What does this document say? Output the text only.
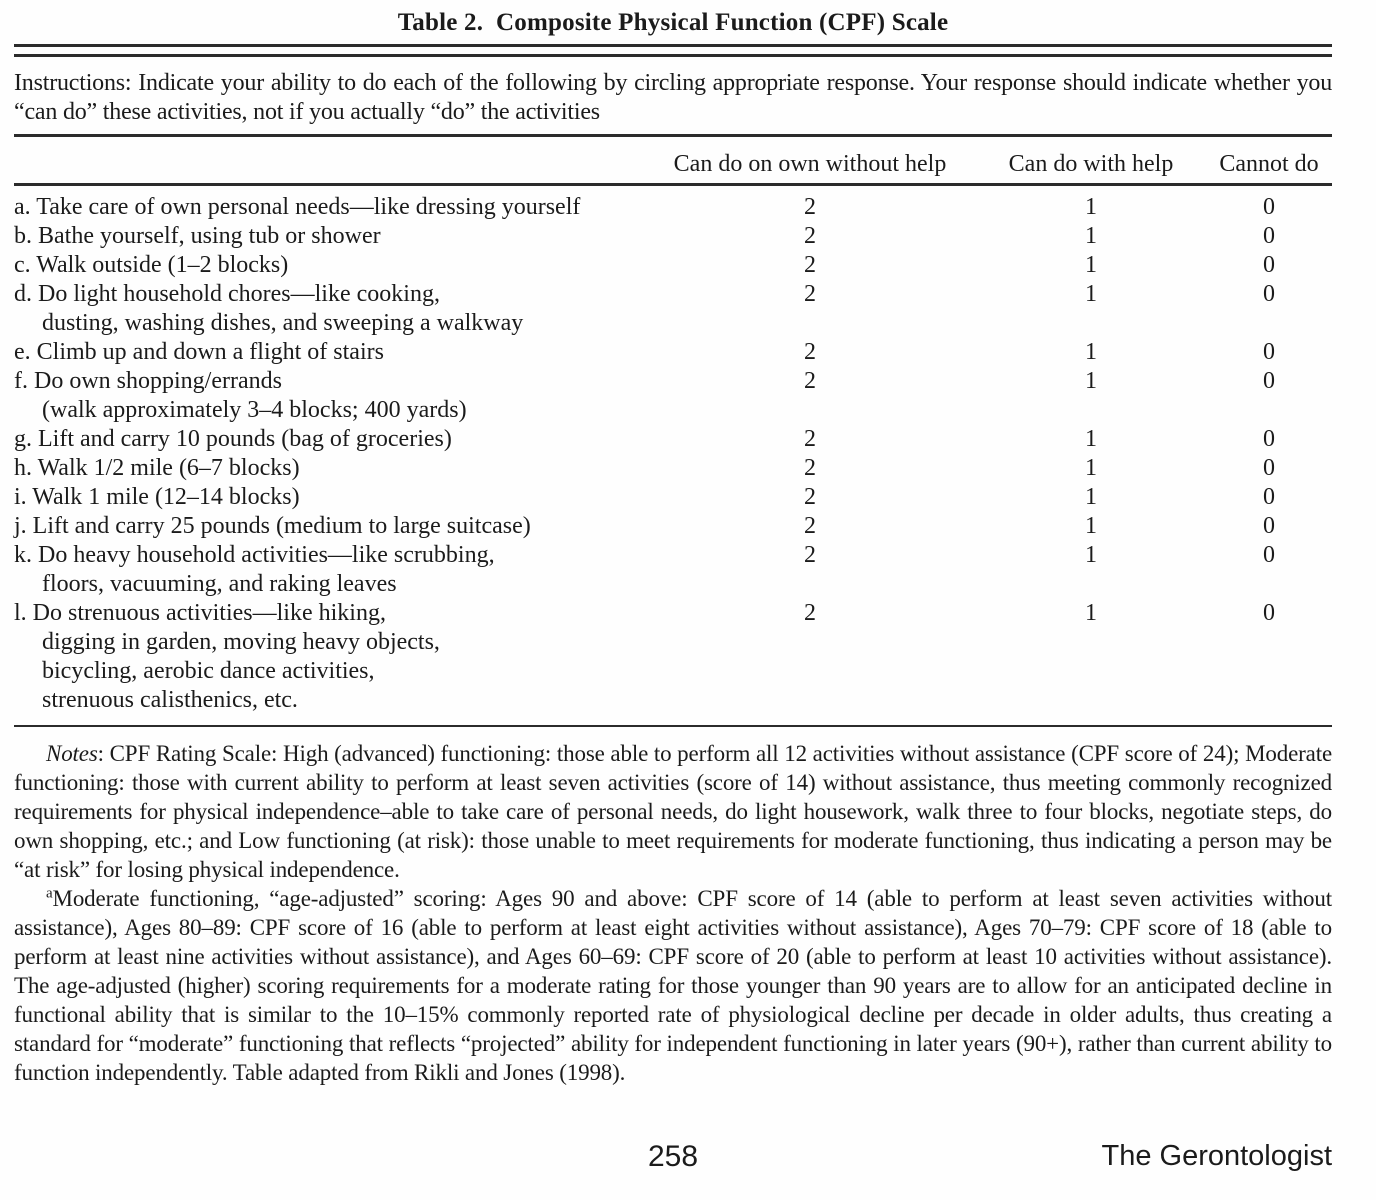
Table 2.  Composite Physical Function (CPF) Scale

Instructions: Indicate your ability to do each of the following by circling appropriate response. Your response should indicate whether you “can do” these activities, not if you actually “do” the activities

Can do on own without help	Can do with help	Cannot do
a. Take care of own personal needs—like dressing yourself	2	1	0
b. Bathe yourself, using tub or shower	2	1	0
c. Walk outside (1–2 blocks)	2	1	0
d. Do light household chores—like cooking,
dusting, washing dishes, and sweeping a walkway
2	1	0
e. Climb up and down a flight of stairs	2	1	0
f. Do own shopping/errands
(walk approximately 3–4 blocks; 400 yards)
2	1	0
g. Lift and carry 10 pounds (bag of groceries)	2	1	0
h. Walk 1/2 mile (6–7 blocks)	2	1	0
i. Walk 1 mile (12–14 blocks)	2	1	0
j. Lift and carry 25 pounds (medium to large suitcase)	2	1	0
k. Do heavy household activities—like scrubbing,
floors, vacuuming, and raking leaves
2	1	0
l. Do strenuous activities—like hiking,
digging in garden, moving heavy objects,
bicycling, aerobic dance activities,
strenuous calisthenics, etc.
2	1	0

Notes: CPF Rating Scale: High (advanced) functioning: those able to perform all 12 activities without assistance (CPF score of 24); Moderate functioning: those with current ability to perform at least seven activities (score of 14) without assistance, thus meeting commonly recognized requirements for physical independence–able to take care of personal needs, do light housework, walk three to four blocks, negotiate steps, do own shopping, etc.; and Low functioning (at risk): those unable to meet requirements for moderate functioning, thus indicating a person may be “at risk” for losing physical independence.

$^a$Moderate functioning, “age-adjusted” scoring: Ages 90 and above: CPF score of 14 (able to perform at least seven activities without assistance), Ages 80–89: CPF score of 16 (able to perform at least eight activities without assistance), Ages 70–79: CPF score of 18 (able to perform at least nine activities without assistance), and Ages 60–69: CPF score of 20 (able to perform at least 10 activities without assistance). The age-adjusted (higher) scoring requirements for a moderate rating for those younger than 90 years are to allow for an anticipated decline in functional ability that is similar to the 10–15% commonly reported rate of physiological decline per decade in older adults, thus creating a standard for “moderate” functioning that reflects “projected” ability for independent functioning in later years (90+), rather than current ability to function independently. Table adapted from Rikli and Jones (1998).

258	The Gerontologist
